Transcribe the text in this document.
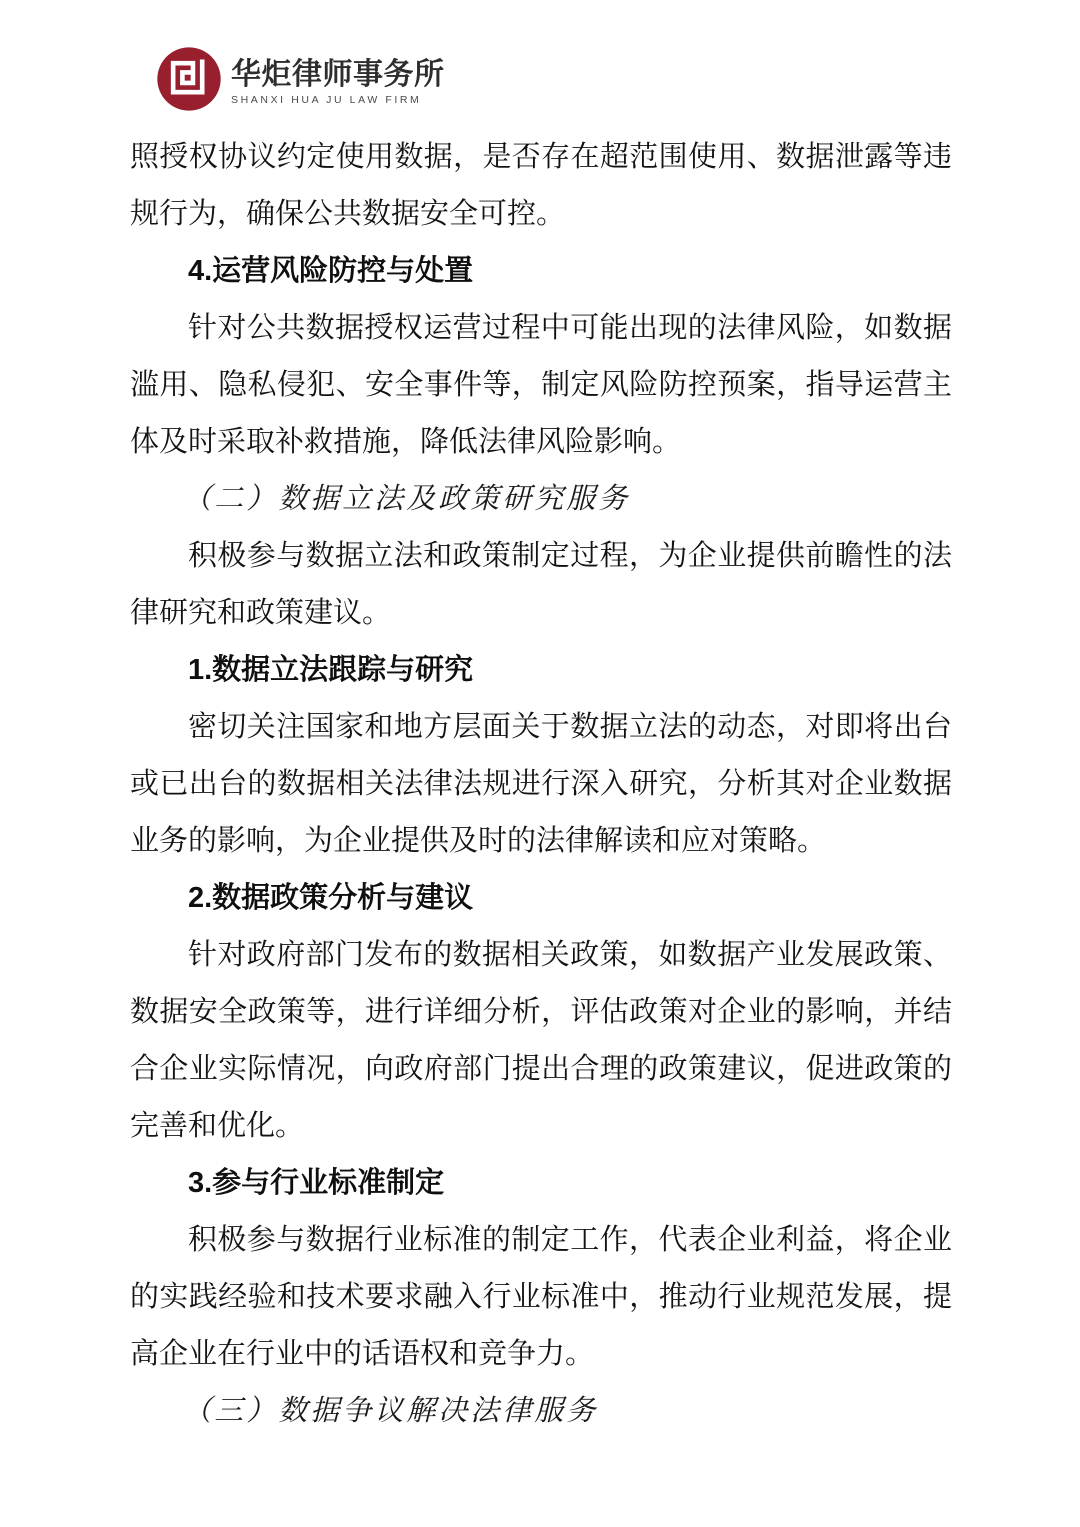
华炬律师事务所
SHANXI HUA JU LAW FIRM

照授权协议约定使用数据，是否存在超范围使用、数据泄露等违规行为，确保公共数据安全可控。

4.运营风险防控与处置

针对公共数据授权运营过程中可能出现的法律风险，如数据滥用、隐私侵犯、安全事件等，制定风险防控预案，指导运营主体及时采取补救措施，降低法律风险影响。

（二）数据立法及政策研究服务

积极参与数据立法和政策制定过程，为企业提供前瞻性的法律研究和政策建议。

1.数据立法跟踪与研究

密切关注国家和地方层面关于数据立法的动态，对即将出台或已出台的数据相关法律法规进行深入研究，分析其对企业数据业务的影响，为企业提供及时的法律解读和应对策略。

2.数据政策分析与建议

针对政府部门发布的数据相关政策，如数据产业发展政策、数据安全政策等，进行详细分析，评估政策对企业的影响，并结合企业实际情况，向政府部门提出合理的政策建议，促进政策的完善和优化。

3.参与行业标准制定

积极参与数据行业标准的制定工作，代表企业利益，将企业的实践经验和技术要求融入行业标准中，推动行业规范发展，提高企业在行业中的话语权和竞争力。

（三）数据争议解决法律服务
